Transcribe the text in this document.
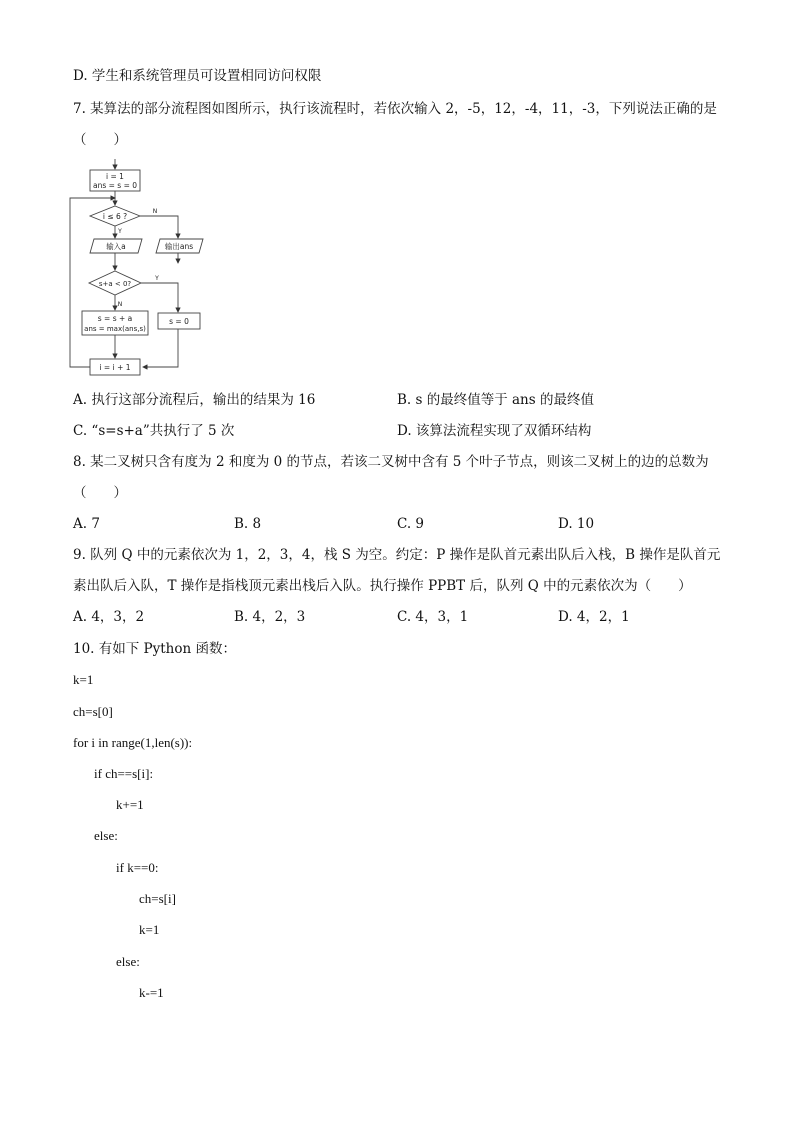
D. 学生和系统管理员可设置相同访问权限
7. 某算法的部分流程图如图所示，执行该流程时，若依次输入 2，-5，12，-4，11，-3，下列说法正确的是
（　　）
i = 1
ans = s = 0
i ≤ 6 ?
N
Y
输入a	输出ans
s+a < 0?
Y
N
s = s + a
ans = max(ans,s)
s = 0
i = i + 1
A. 执行这部分流程后，输出的结果为 16	B. s 的最终值等于 ans 的最终值
C. “s=s+a”共执行了 5 次	D. 该算法流程实现了双循环结构
8. 某二叉树只含有度为 2 和度为 0 的节点，若该二叉树中含有 5 个叶子节点，则该二叉树上的边的总数为
（　　）
A. 7	B. 8	C. 9	D. 10
9. 队列 Q 中的元素依次为 1，2，3，4，栈 S 为空。约定：P 操作是队首元素出队后入栈，B 操作是队首元
素出队后入队，T 操作是指栈顶元素出栈后入队。执行操作 PPBT 后，队列 Q 中的元素依次为（　　）
A. 4，3，2	B. 4，2，3	C. 4，3，1	D. 4，2，1
10. 有如下 Python 函数：
k=1
ch=s[0]
for i in range(1,len(s)):
if ch==s[i]:
k+=1
else:
if k==0:
ch=s[i]
k=1
else:
k-=1
